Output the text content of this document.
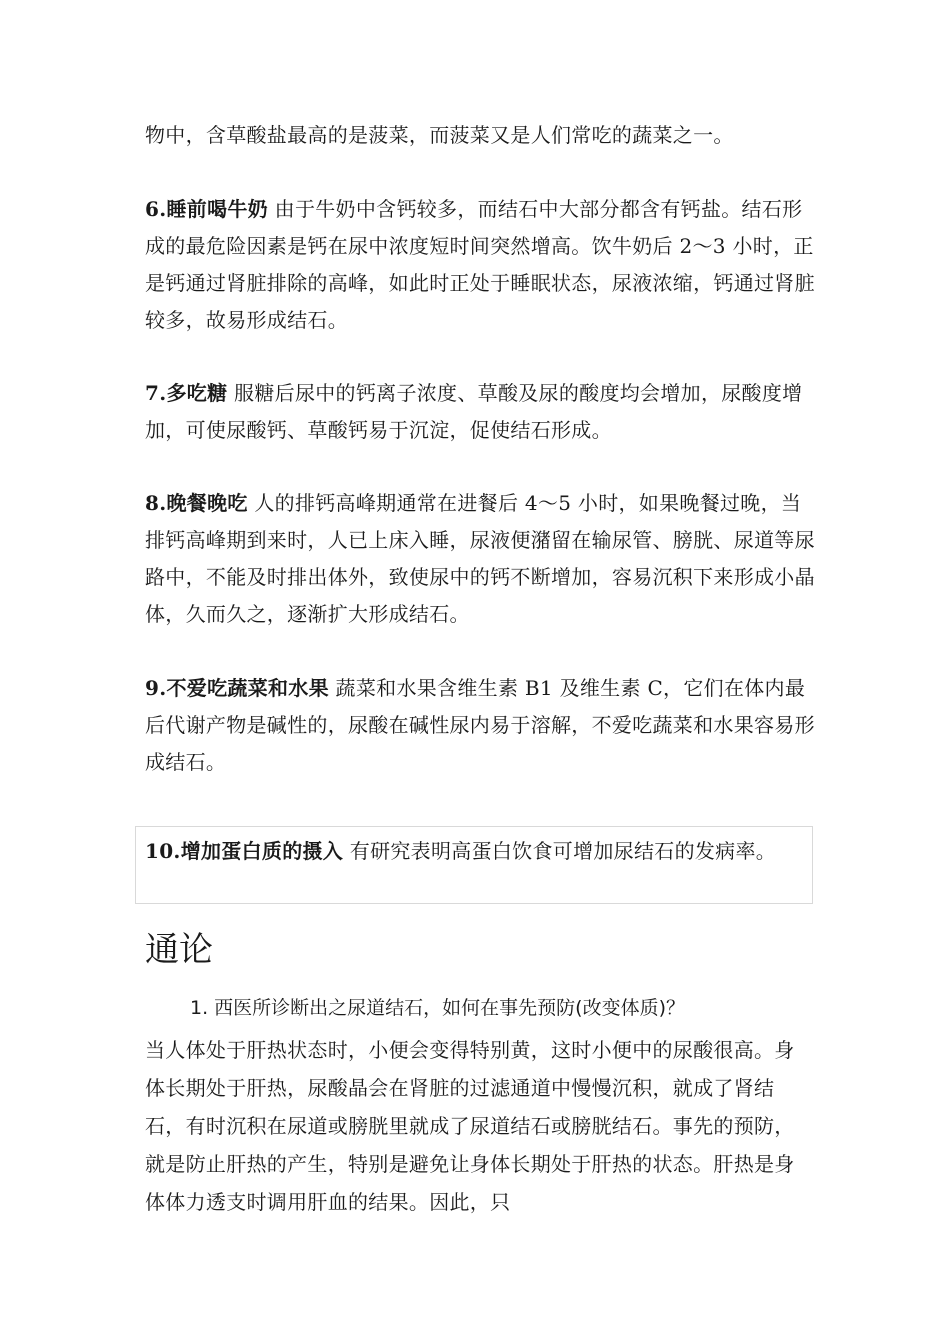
物中，含草酸盐最高的是菠菜，而菠菜又是人们常吃的蔬菜之一。

6.睡前喝牛奶 由于牛奶中含钙较多，而结石中大部分都含有钙盐。结石形成的最危险因素是钙在尿中浓度短时间突然增高。饮牛奶后 2～3 小时，正是钙通过肾脏排除的高峰，如此时正处于睡眠状态，尿液浓缩，钙通过肾脏较多，故易形成结石。

7.多吃糖 服糖后尿中的钙离子浓度、草酸及尿的酸度均会增加，尿酸度增加，可使尿酸钙、草酸钙易于沉淀，促使结石形成。

8.晚餐晚吃 人的排钙高峰期通常在进餐后 4～5 小时，如果晚餐过晚，当排钙高峰期到来时，人已上床入睡，尿液便潴留在输尿管、膀胱、尿道等尿路中，不能及时排出体外，致使尿中的钙不断增加，容易沉积下来形成小晶体，久而久之，逐渐扩大形成结石。

9.不爱吃蔬菜和水果 蔬菜和水果含维生素 B1 及维生素 C，它们在体内最后代谢产物是碱性的，尿酸在碱性尿内易于溶解，不爱吃蔬菜和水果容易形成结石。

10.增加蛋白质的摄入 有研究表明高蛋白饮食可增加尿结石的发病率。

通论

1. 西医所诊断出之尿道结石，如何在事先预防(改变体质)？

当人体处于肝热状态时，小便会变得特别黄，这时小便中的尿酸很高。身体长期处于肝热，尿酸晶会在肾脏的过滤通道中慢慢沉积，就成了肾结石，有时沉积在尿道或膀胱里就成了尿道结石或膀胱结石。事先的预防，就是防止肝热的产生，特别是避免让身体长期处于肝热的状态。肝热是身体体力透支时调用肝血的结果。因此，只
